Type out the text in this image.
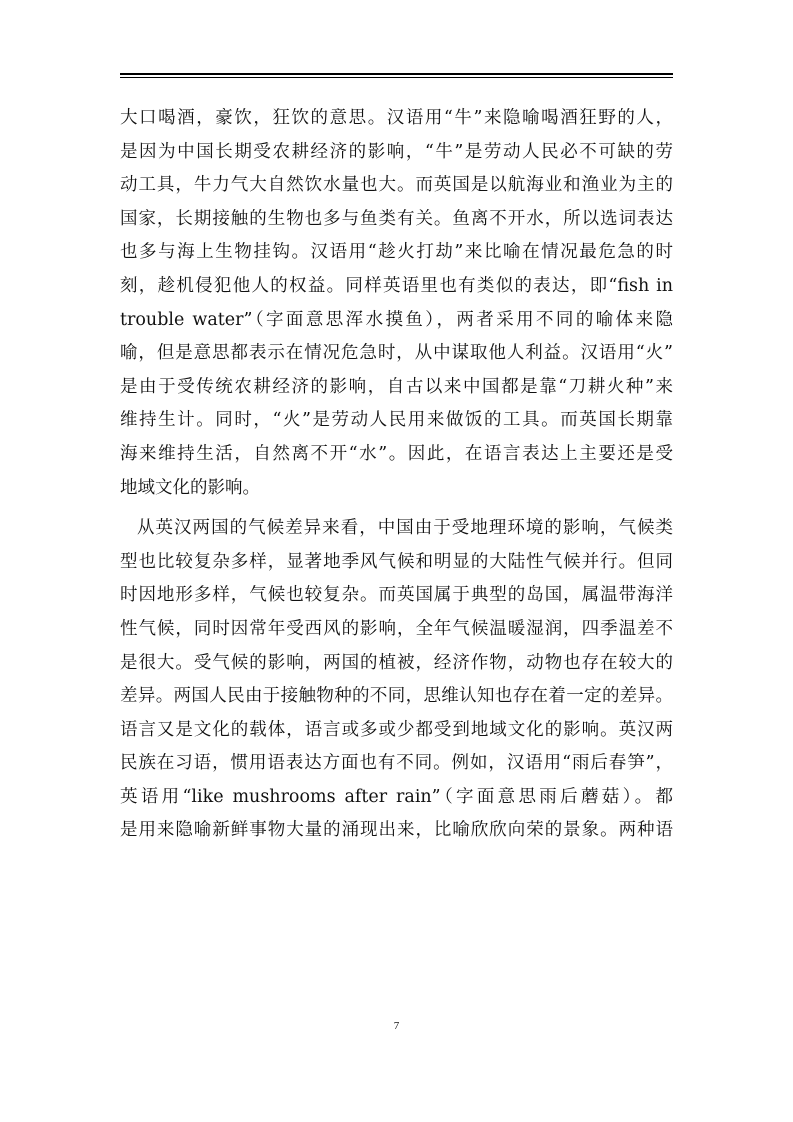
大口喝酒，豪饮，狂饮的意思。汉语用“牛”来隐喻喝酒狂野的人，
是因为中国长期受农耕经济的影响，“牛”是劳动人民必不可缺的劳
动工具，牛力气大自然饮水量也大。而英国是以航海业和渔业为主的
国家，长期接触的生物也多与鱼类有关。鱼离不开水，所以选词表达
也多与海上生物挂钩。汉语用“趁火打劫”来比喻在情况最危急的时
刻，趁机侵犯他人的权益。同样英语里也有类似的表达，即“fish in
trouble water”（字面意思浑水摸鱼），两者采用不同的喻体来隐
喻，但是意思都表示在情况危急时，从中谋取他人利益。汉语用“火”
是由于受传统农耕经济的影响，自古以来中国都是靠“刀耕火种”来
维持生计。同时，“火”是劳动人民用来做饭的工具。而英国长期靠
海来维持生活，自然离不开“水”。因此，在语言表达上主要还是受
地域文化的影响。
从英汉两国的气候差异来看，中国由于受地理环境的影响，气候类
型也比较复杂多样，显著地季风气候和明显的大陆性气候并行。但同
时因地形多样，气候也较复杂。而英国属于典型的岛国，属温带海洋
性气候，同时因常年受西风的影响，全年气候温暖湿润，四季温差不
是很大。受气候的影响，两国的植被，经济作物，动物也存在较大的
差异。两国人民由于接触物种的不同，思维认知也存在着一定的差异。
语言又是文化的载体，语言或多或少都受到地域文化的影响。英汉两
民族在习语，惯用语表达方面也有不同。例如，汉语用“雨后春笋”，
英语用“like mushrooms after rain”（字面意思雨后蘑菇）。都
是用来隐喻新鲜事物大量的涌现出来，比喻欣欣向荣的景象。两种语
7
